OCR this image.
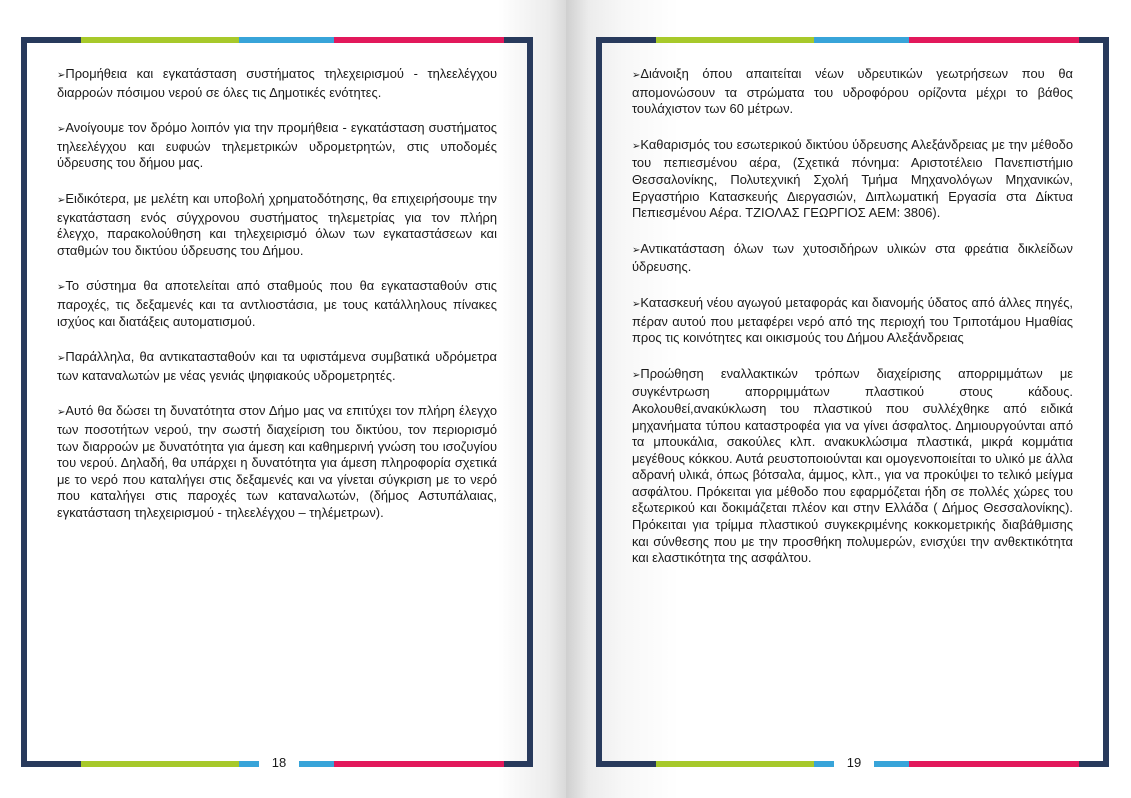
18

➢ Προμήθεια και εγκατάσταση συστήματος τηλεχειρισμού - τηλεελέγχου διαρροών πόσιμου νερού σε όλες τις Δημοτικές ενότητες.

➢ Ανοίγουμε τον δρόμο λοιπόν για την προμήθεια - εγκατάσταση συστήματος τηλεελέγχου και ευφυών τηλεμετρικών υδρομετρητών, στις υποδομές ύδρευσης του δήμου μας.

➢ Ειδικότερα, με μελέτη και υποβολή χρηματοδότησης, θα επιχειρήσουμε την εγκατάσταση ενός σύγχρονου συστήματος τηλεμετρίας για τον πλήρη έλεγχο, παρακολούθηση και τηλεχειρισμό όλων των εγκαταστάσεων και σταθμών του δικτύου ύδρευσης του Δήμου.

➢ Το σύστημα θα αποτελείται από σταθμούς που θα εγκατασταθούν στις παροχές, τις δεξαμενές και τα αντλιοστάσια, με τους κατάλληλους πίνακες ισχύος και διατάξεις αυτοματισμού.

➢ Παράλληλα, θα αντικατασταθούν και τα υφιστάμενα συμβατικά υδρόμετρα των καταναλωτών με νέας γενιάς ψηφιακούς υδρομετρητές.

➢ Αυτό θα δώσει τη δυνατότητα στον Δήμο μας να επιτύχει τον πλήρη έλεγχο των ποσοτήτων νερού, την σωστή διαχείριση του δικτύου, τον περιορισμό των διαρροών με δυνατότητα για άμεση και καθημερινή γνώση του ισοζυγίου του νερού. Δηλαδή, θα υπάρχει η δυνατότητα για άμεση πληροφορία σχετικά με το νερό που καταλήγει στις δεξαμενές και να γίνεται σύγκριση με το νερό που καταλήγει στις παροχές των καταναλωτών, (δήμος Αστυπάλαιας, εγκατάσταση τηλεχειρισμού - τηλεελέγχου – τηλέμετρων).

19

➢ Διάνοιξη όπου απαιτείται νέων υδρευτικών γεωτρήσεων που θα απομονώσουν τα στρώματα του υδροφόρου ορίζοντα μέχρι το βάθος τουλάχιστον των 60 μέτρων.

➢ Καθαρισμός του εσωτερικού δικτύου ύδρευσης Αλεξάνδρειας με την μέθοδο του πεπιεσμένου αέρα, (Σχετικά πόνημα: Αριστοτέλειο Πανεπιστήμιο Θεσσαλονίκης, Πολυτεχνική Σχολή Τμήμα Μηχανολόγων Μηχανικών, Εργαστήριο Κατασκευής Διεργασιών, Διπλωματική Εργασία στα Δίκτυα Πεπιεσμένου Αέρα. ΤΖΙΟΛΑΣ ΓΕΩΡΓΙΟΣ ΑΕΜ: 3806).

➢ Αντικατάσταση όλων των χυτοσιδήρων υλικών στα φρεάτια δικλείδων ύδρευσης.

➢ Κατασκευή νέου αγωγού μεταφοράς και διανομής ύδατος από άλλες πηγές, πέραν αυτού που μεταφέρει νερό από της περιοχή του Τριποτάμου Ημαθίας προς τις κοινότητες και οικισμούς του Δήμου Αλεξάνδρειας

➢ Προώθηση εναλλακτικών τρόπων διαχείρισης απορριμμάτων με συγκέντρωση απορριμμάτων πλαστικού στους κάδους. Ακολουθεί,ανακύκλωση του πλαστικού που συλλέχθηκε από ειδικά μηχανήματα τύπου καταστροφέα για να γίνει άσφαλτος. Δημιουργούνται από τα μπουκάλια, σακούλες κλπ. ανακυκλώσιμα πλαστικά, μικρά κομμάτια μεγέθους κόκκου. Αυτά ρευστοποιούνται και ομογενοποιείται το υλικό με άλλα αδρανή υλικά, όπως βότσαλα, άμμος, κλπ., για να προκύψει το τελικό μείγμα ασφάλτου. Πρόκειται για μέθοδο που εφαρμόζεται ήδη σε πολλές χώρες του εξωτερικού και δοκιμάζεται πλέον και στην Ελλάδα ( Δήμος Θεσσαλονίκης). Πρόκειται για τρίμμα πλαστικού συγκεκριμένης κοκκομετρικής διαβάθμισης και σύνθεσης που με την προσθήκη πολυμερών, ενισχύει την ανθεκτικότητα και ελαστικότητα της ασφάλτου.
